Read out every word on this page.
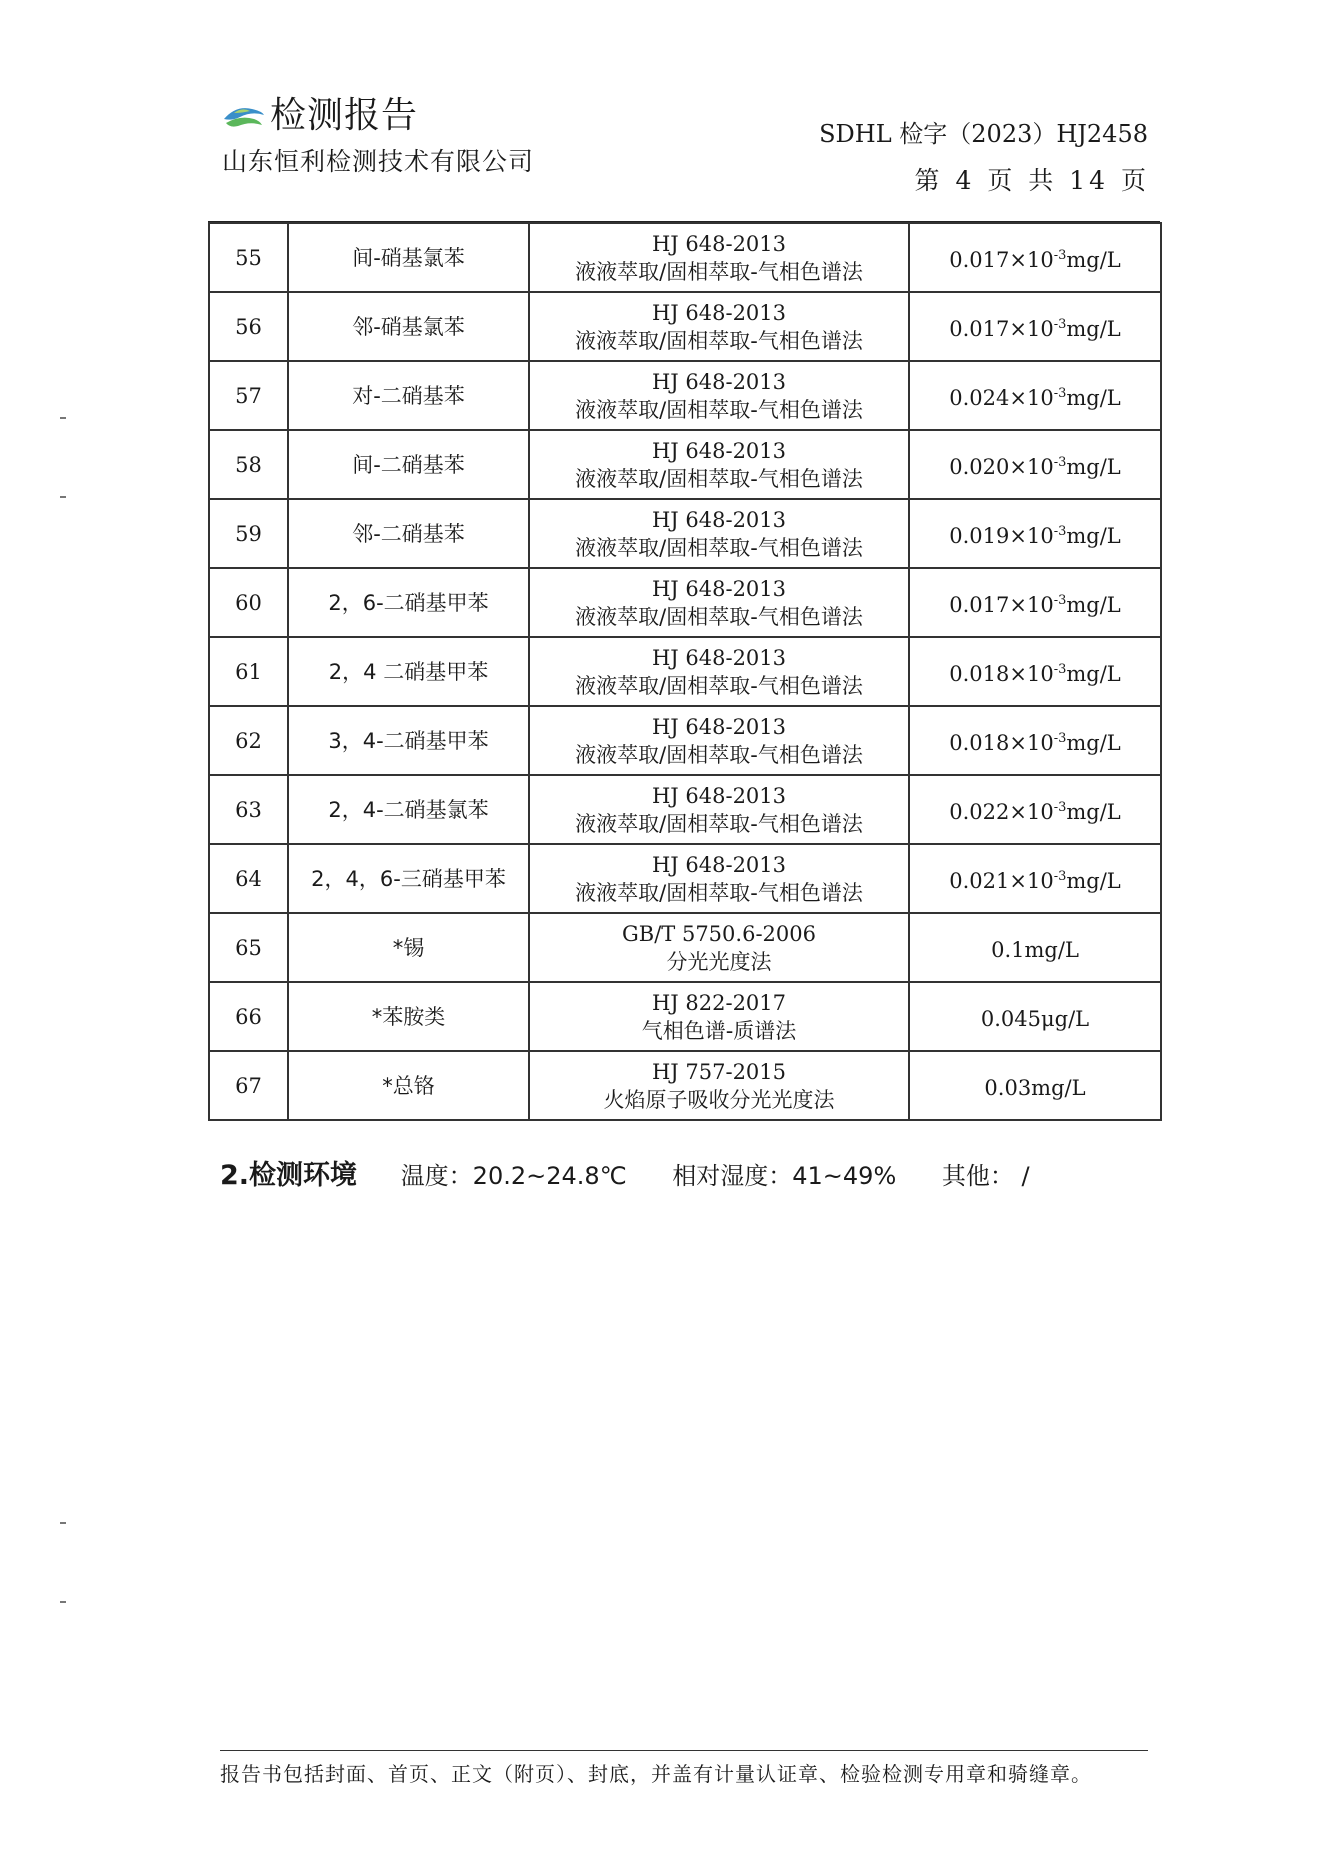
检测报告
山东恒利检测技术有限公司
SDHL 检字（2023）HJ2458
第 4 页 共 14 页
55	间-硝基氯苯	HJ 648-2013
液液萃取/固相萃取-气相色谱法	$0.017\times 10^{-3}mg/L$
56	邻-硝基氯苯	HJ 648-2013
液液萃取/固相萃取-气相色谱法	$0.017\times 10^{-3}mg/L$
57	对-二硝基苯	HJ 648-2013
液液萃取/固相萃取-气相色谱法	$0.024\times 10^{-3}mg/L$
58	间-二硝基苯	HJ 648-2013
液液萃取/固相萃取-气相色谱法	$0.020\times 10^{-3}mg/L$
59	邻-二硝基苯	HJ 648-2013
液液萃取/固相萃取-气相色谱法	$0.019\times 10^{-3}mg/L$
60	2，6-二硝基甲苯	HJ 648-2013
液液萃取/固相萃取-气相色谱法	$0.017\times 10^{-3}mg/L$
61	2，4 二硝基甲苯	HJ 648-2013
液液萃取/固相萃取-气相色谱法	$0.018\times 10^{-3}mg/L$
62	3，4-二硝基甲苯	HJ 648-2013
液液萃取/固相萃取-气相色谱法	$0.018\times 10^{-3}mg/L$
63	2，4-二硝基氯苯	HJ 648-2013
液液萃取/固相萃取-气相色谱法	$0.022\times 10^{-3}mg/L$
64	2，4，6-三硝基甲苯	HJ 648-2013
液液萃取/固相萃取-气相色谱法	$0.021\times 10^{-3}mg/L$
65	*锡	GB/T 5750.6-2006
分光光度法	0.1mg/L
66	*苯胺类	HJ 822-2017
气相色谱-质谱法	0.045μg/L
67	*总铬	HJ 757-2015
火焰原子吸收分光光度法	0.03mg/L
2.检测环境 温度：20.2~24.8℃ 相对湿度：41~49% 其他： /
报告书包括封面、首页、正文（附页）、封底，并盖有计量认证章、检验检测专用章和骑缝章。
